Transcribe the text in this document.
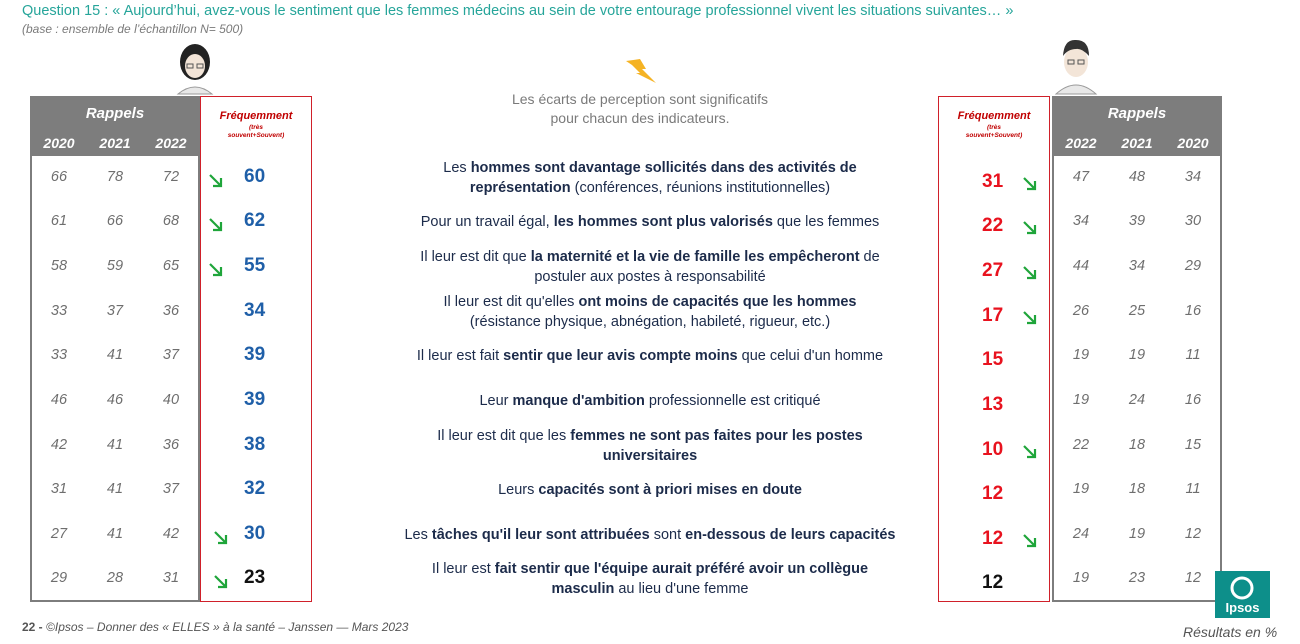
Question 15 : « Aujourd’hui, avez-vous le sentiment que les femmes médecins au sein de votre entourage professionnel vivent les situations suivantes… »
(base : ensemble de l’échantillon N= 500)
Les écarts de perception sont significatifs
pour chacun des indicateurs.
Rappels
2020	2021	2022
Fréquemment
(très
souvent+Souvent)
Fréquemment
(très
souvent+Souvent)
Rappels
2022	2021	2020
66	78	72	60	Les hommes sont davantage sollicités dans des activités de
représentation (conférences, réunions institutionnelles)	31	47	48	34
61	66	68	62	Pour un travail égal, les hommes sont plus valorisés que les femmes	22	34	39	30
58	59	65	55	Il leur est dit que la maternité et la vie de famille les empêcheront de
postuler aux postes à responsabilité	27	44	34	29
33	37	36	34	Il leur est dit qu'elles ont moins de capacités que les hommes
(résistance physique, abnégation, habileté, rigueur, etc.)	17	26	25	16
33	41	37	39	Il leur est fait sentir que leur avis compte moins que celui d'un homme	15	19	19	11
46	46	40	39	Leur manque d'ambition professionnelle est critiqué	13	19	24	16
42	41	36	38	Il leur est dit que les femmes ne sont pas faites pour les postes
universitaires	10	22	18	15
31	41	37	32	Leurs capacités sont à priori mises en doute	12	19	18	11
27	41	42	30	Les tâches qu'il leur sont attribuées sont en-dessous de leurs capacités	12	24	19	12
29	28	31	23	Il leur est fait sentir que l'équipe aurait préféré avoir un collègue
masculin au lieu d'une femme	12	19	23	12
Ipsos
22 - ©Ipsos – Donner des « ELLES » à la santé – Janssen — Mars 2023	Résultats en %
